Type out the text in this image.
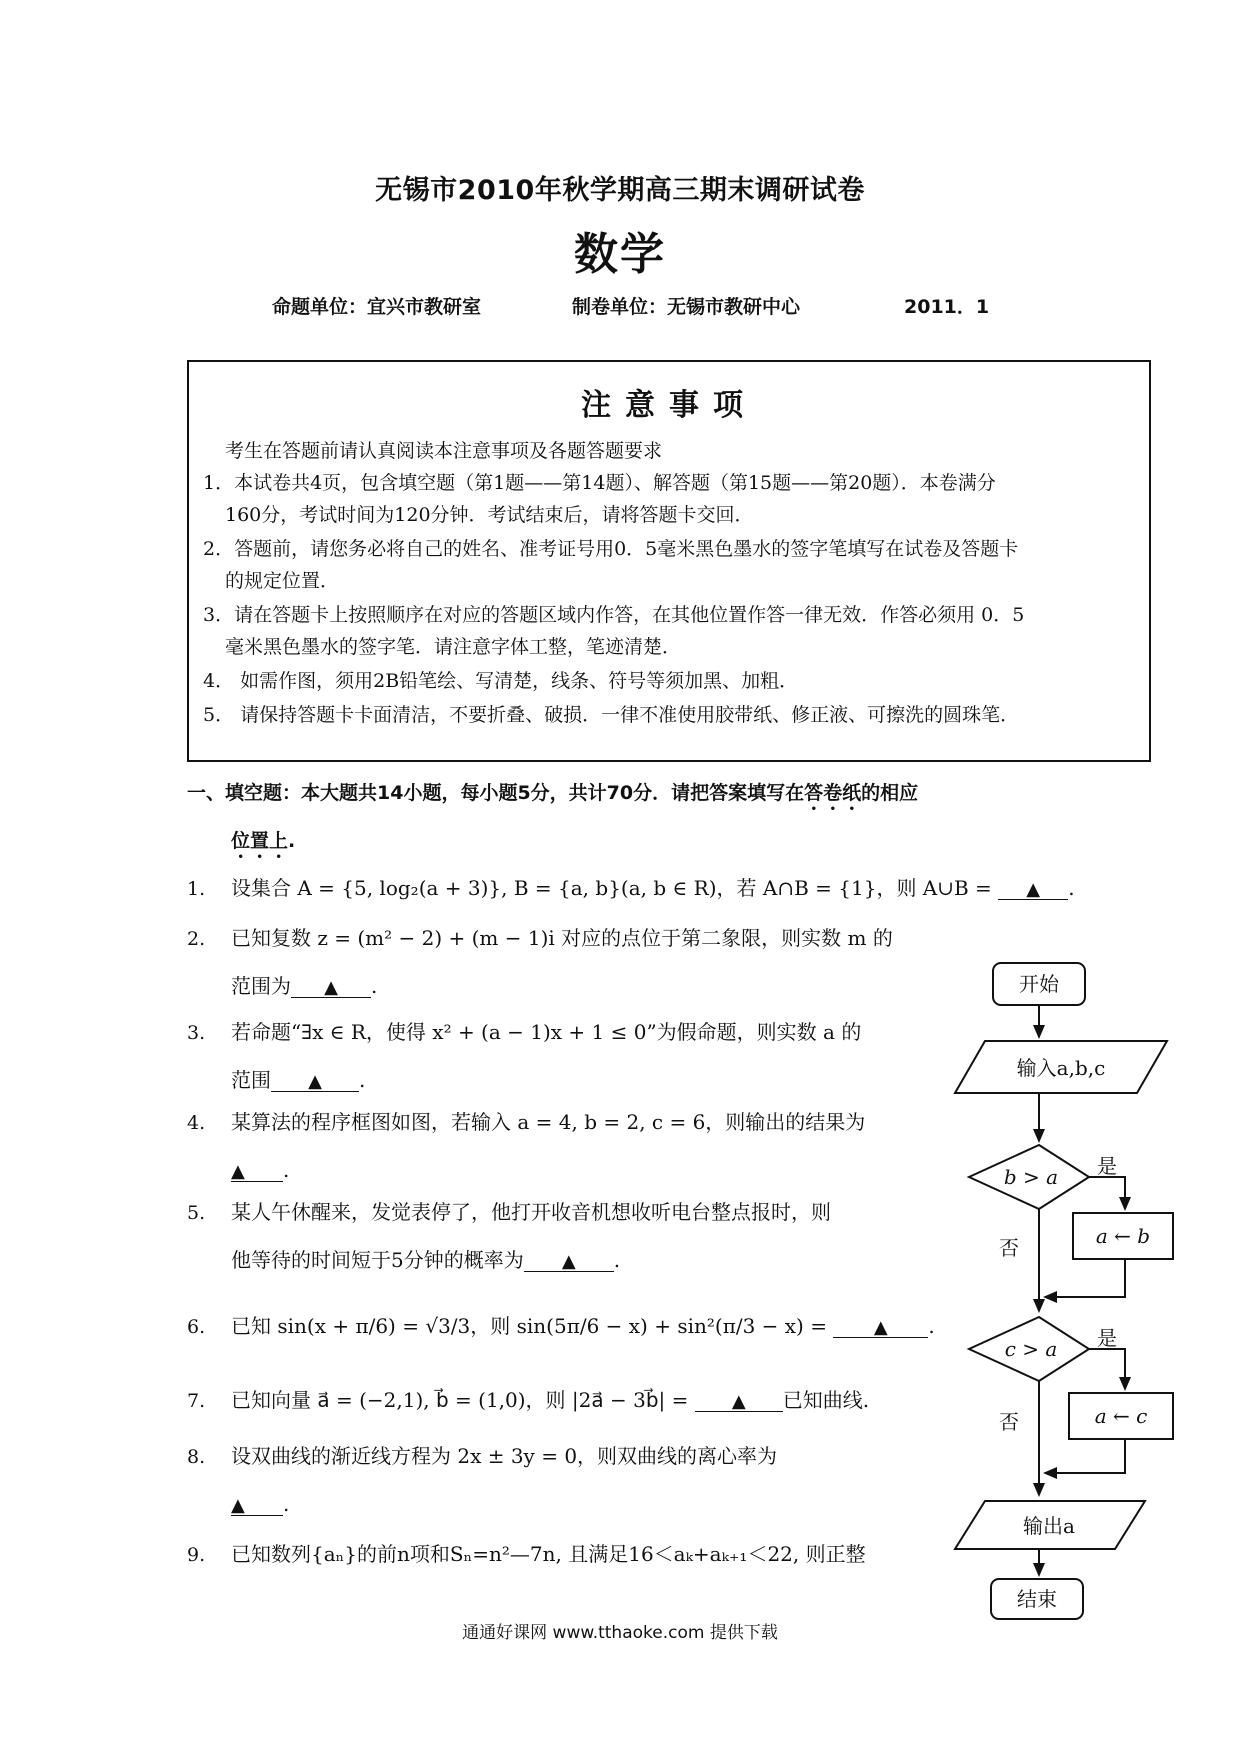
无锡市2010年秋学期高三期末调研试卷
数学
命题单位：宜兴市教研室	制卷单位：无锡市教研中心	2011．1
注意事项
考生在答题前请认真阅读本注意事项及各题答题要求
1．本试卷共4页，包含填空题（第1题——第14题）、解答题（第15题——第20题）．本卷满分
160分，考试时间为120分钟．考试结束后，请将答题卡交回．
2．答题前，请您务必将自己的姓名、准考证号用0．5毫米黑色墨水的签字笔填写在试卷及答题卡
的规定位置．
3．请在答题卡上按照顺序在对应的答题区域内作答，在其他位置作答一律无效．作答必须用 0．5
毫米黑色墨水的签字笔．请注意字体工整，笔迹清楚．
4． 如需作图，须用2B铅笔绘、写清楚，线条、符号等须加黑、加粗．
5． 请保持答题卡卡面清洁，不要折叠、破损．一律不准使用胶带纸、修正液、可擦洗的圆珠笔．
一、填空题：本大题共14小题，每小题5分，共计70分．请把答案填写在答卷纸的相应
位置上.
1. 设集合 A = {5, log₂(a + 3)}, B = {a, b}(a, b ∈ R)，若 A∩B = {1}，则 A∪B = ▲ .
2. 已知复数 z = (m² − 2) + (m − 1)i 对应的点位于第二象限，则实数 m 的
范围为 ▲ .
3. 若命题“∃x ∈ R，使得 x² + (a − 1)x + 1 ≤ 0”为假命题，则实数 a 的
范围 ▲ .
4. 某算法的程序框图如图，若输入 a = 4, b = 2, c = 6，则输出的结果为
▲ .
5. 某人午休醒来，发觉表停了，他打开收音机想收听电台整点报时，则
他等待的时间短于5分钟的概率为 ▲ .
6. 已知 sin(x + π/6) = √3/3，则 sin(5π/6 − x) + sin²(π/3 − x) =	▲ .
7. 已知向量 a⃗ = (−2,1), b⃗ = (1,0)，则 |2a⃗ − 3b⃗| = ▲ 已知曲线.
8. 设双曲线的渐近线方程为 2x ± 3y = 0，则双曲线的离心率为
▲ .
9. 已知数列{aₙ}的前n项和Sₙ=n²—7n, 且满足16＜aₖ+aₖ₊₁＜22, 则正整
开始
输入a,b,c
b > a
a ← b
c > a
a ← c
是
是
否
否
输出a
结束
通通好课网 www.tthaoke.com 提供下载
